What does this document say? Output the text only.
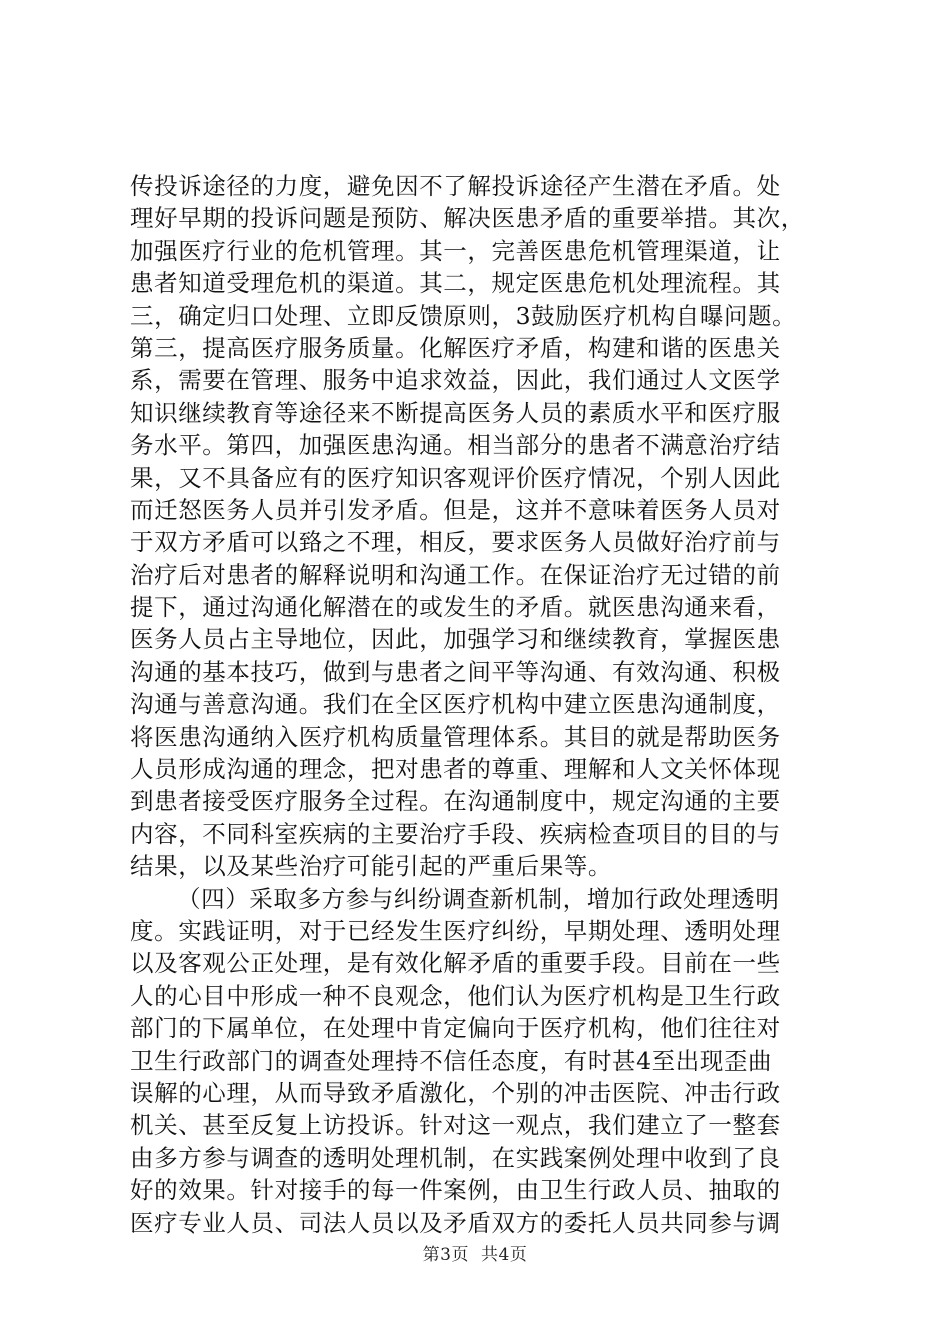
传投诉途径的力度，避免因不了解投诉途径产生潜在矛盾。处
理好早期的投诉问题是预防、解决医患矛盾的重要举措。其次，
加强医疗行业的危机管理。其一，完善医患危机管理渠道，让
患者知道受理危机的渠道。其二，规定医患危机处理流程。其
三，确定归口处理、立即反馈原则，3鼓励医疗机构自曝问题。
第三，提高医疗服务质量。化解医疗矛盾，构建和谐的医患关
系，需要在管理、服务中追求效益，因此，我们通过人文医学
知识继续教育等途径来不断提高医务人员的素质水平和医疗服
务水平。第四，加强医患沟通。相当部分的患者不满意治疗结
果，又不具备应有的医疗知识客观评价医疗情况，个别人因此
而迁怒医务人员并引发矛盾。但是，这并不意味着医务人员对
于双方矛盾可以臵之不理，相反，要求医务人员做好治疗前与
治疗后对患者的解释说明和沟通工作。在保证治疗无过错的前
提下，通过沟通化解潜在的或发生的矛盾。就医患沟通来看，
医务人员占主导地位，因此，加强学习和继续教育，掌握医患
沟通的基本技巧，做到与患者之间平等沟通、有效沟通、积极
沟通与善意沟通。我们在全区医疗机构中建立医患沟通制度，
将医患沟通纳入医疗机构质量管理体系。其目的就是帮助医务
人员形成沟通的理念，把对患者的尊重、理解和人文关怀体现
到患者接受医疗服务全过程。在沟通制度中，规定沟通的主要
内容，不同科室疾病的主要治疗手段、疾病检查项目的目的与
结果，以及某些治疗可能引起的严重后果等。
（四）采取多方参与纠纷调查新机制，增加行政处理透明
度。实践证明，对于已经发生医疗纠纷，早期处理、透明处理
以及客观公正处理，是有效化解矛盾的重要手段。目前在一些
人的心目中形成一种不良观念，他们认为医疗机构是卫生行政
部门的下属单位，在处理中肯定偏向于医疗机构，他们往往对
卫生行政部门的调查处理持不信任态度，有时甚4至出现歪曲
误解的心理，从而导致矛盾激化，个别的冲击医院、冲击行政
机关、甚至反复上访投诉。针对这一观点，我们建立了一整套
由多方参与调查的透明处理机制，在实践案例处理中收到了良
好的效果。针对接手的每一件案例，由卫生行政人员、抽取的
医疗专业人员、司法人员以及矛盾双方的委托人员共同参与调
第3页 共4页
